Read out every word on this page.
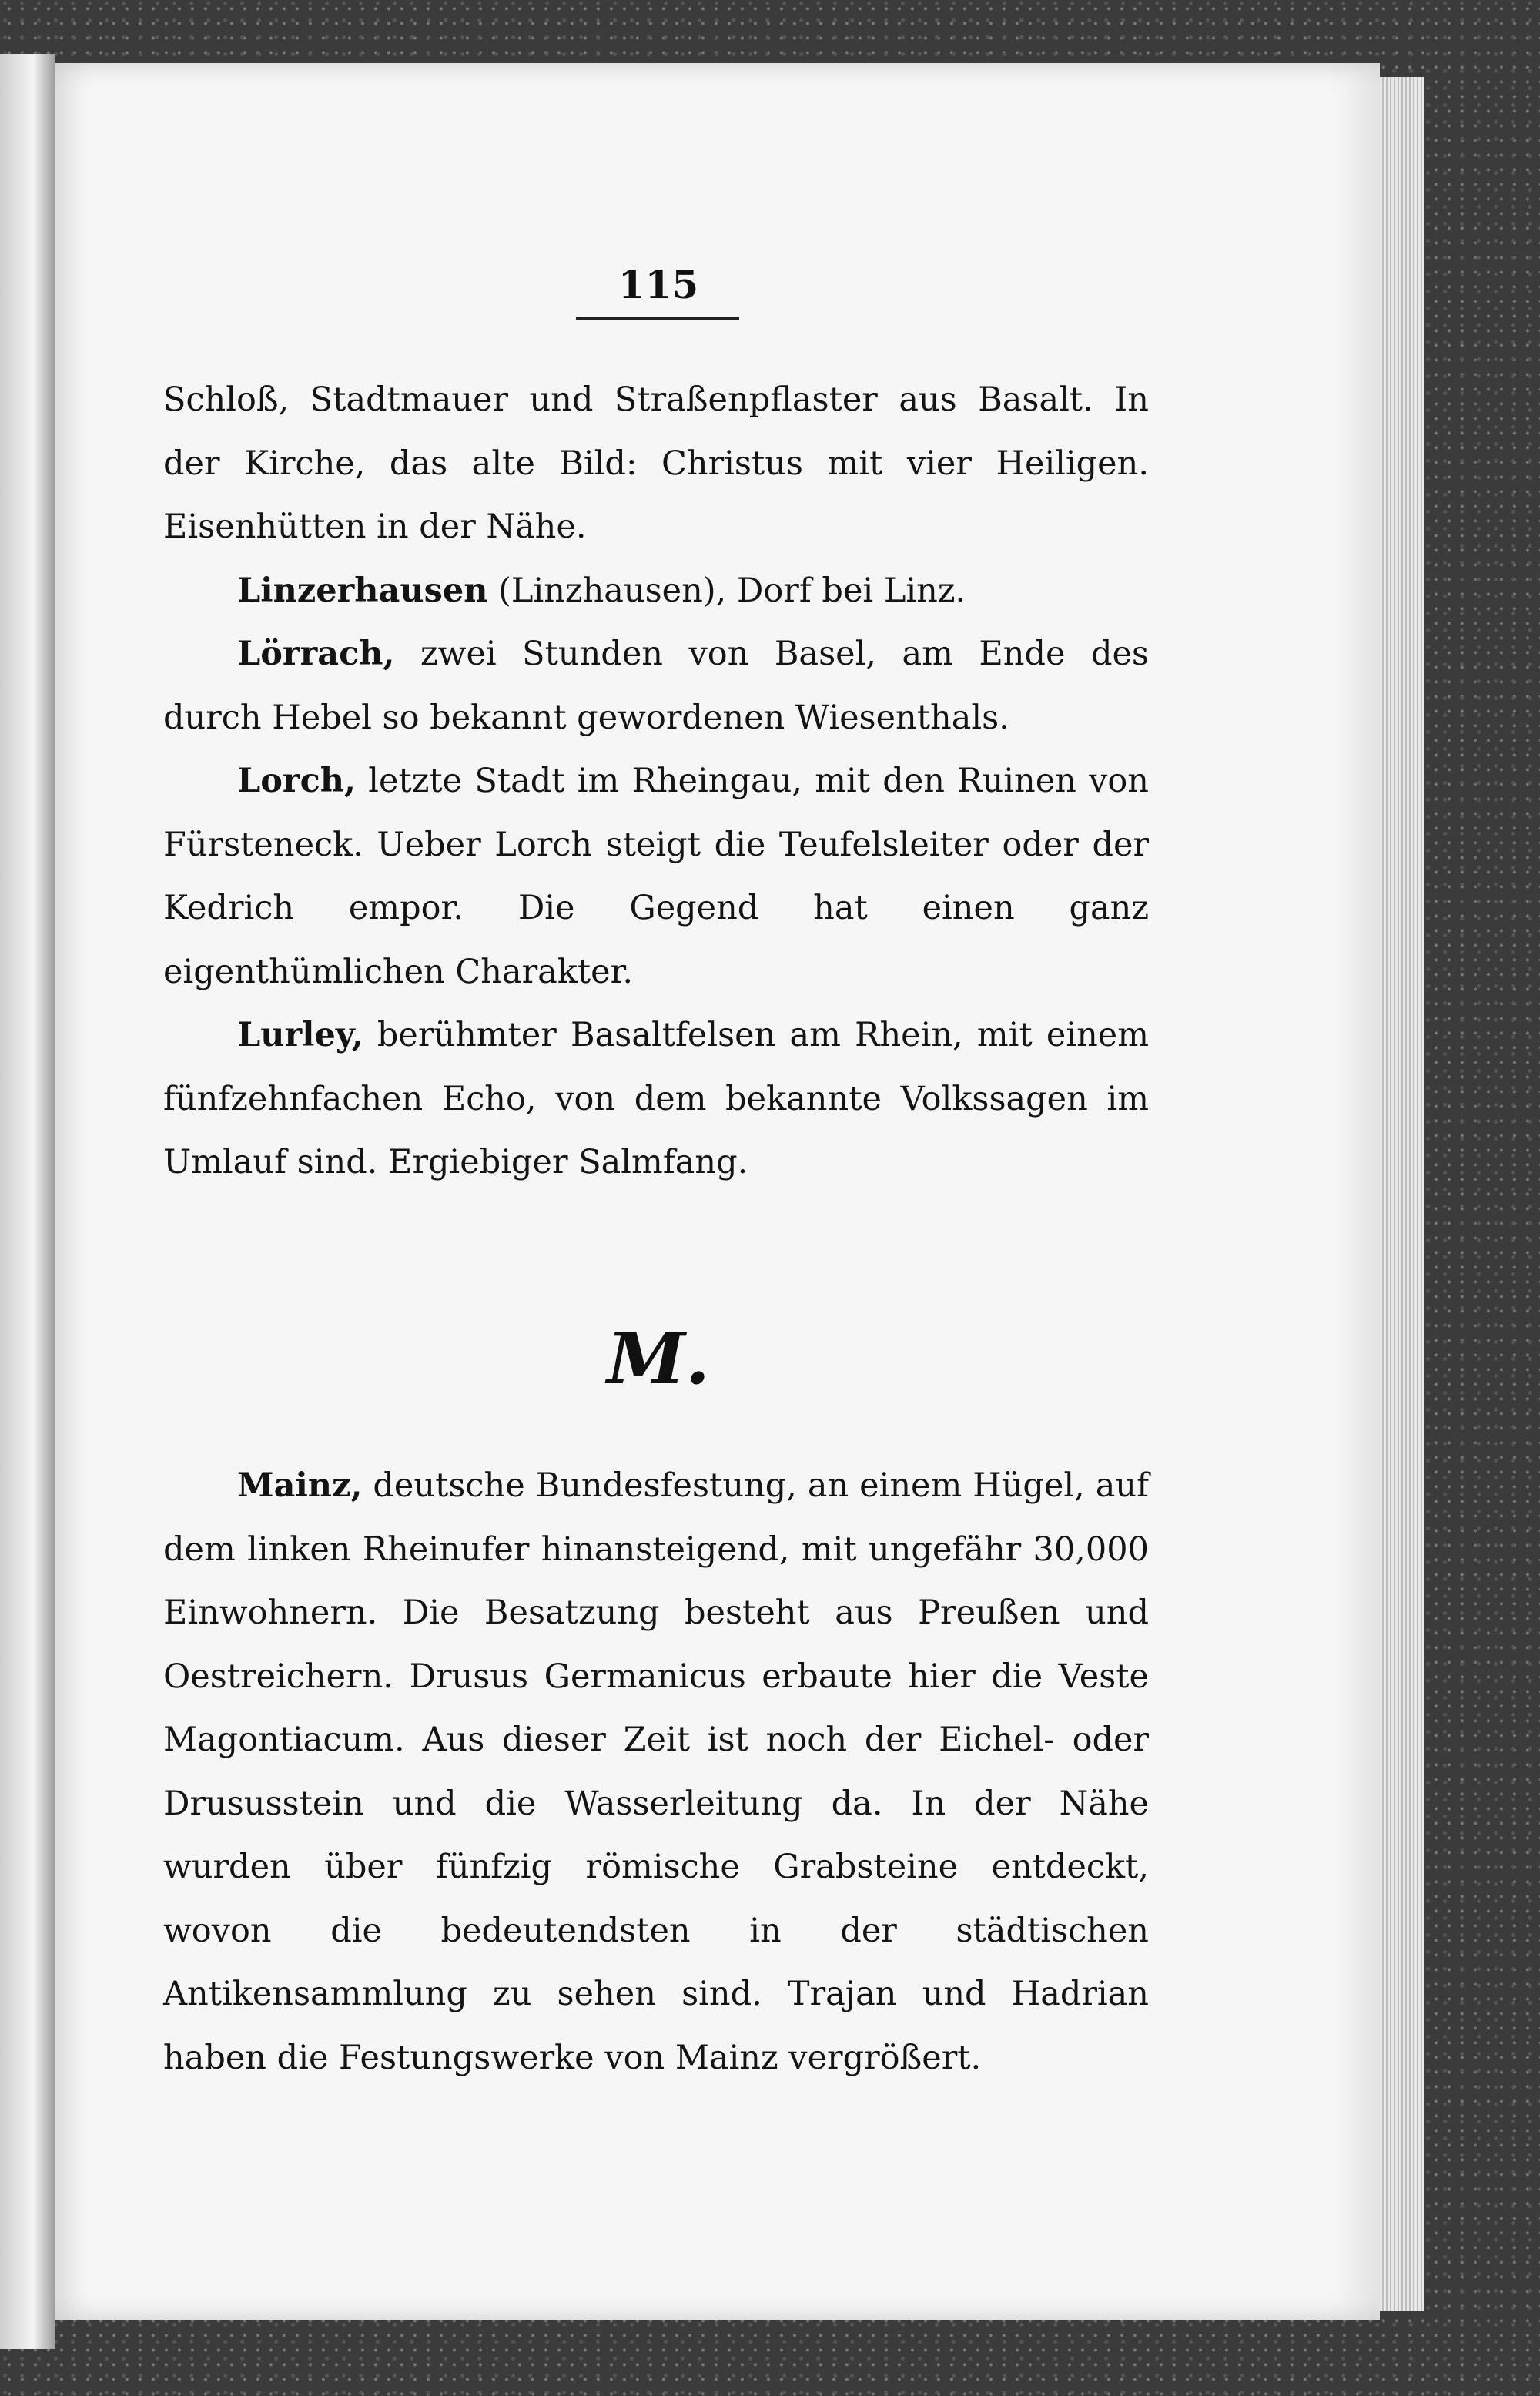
115

Schloß, Stadtmauer und Straßenpflaster aus Basalt. In der Kirche, das alte Bild: Christus mit vier Heiligen. Eisenhütten in der Nähe.

Linzerhausen (Linzhausen), Dorf bei Linz.

Lörrach, zwei Stunden von Basel, am Ende des durch Hebel so bekannt gewordenen Wiesenthals.

Lorch, letzte Stadt im Rheingau, mit den Ruinen von Fürsteneck. Ueber Lorch steigt die Teufelsleiter oder der Kedrich empor. Die Gegend hat einen ganz eigenthümlichen Charakter.

Lurley, berühmter Basaltfelsen am Rhein, mit einem fünfzehnfachen Echo, von dem bekannte Volkssagen im Umlauf sind. Ergiebiger Salmfang.

M.

Mainz, deutsche Bundesfestung, an einem Hügel, auf dem linken Rheinufer hinansteigend, mit ungefähr 30,000 Einwohnern. Die Besatzung besteht aus Preußen und Oestreichern. Drusus Germanicus erbaute hier die Veste Magontiacum. Aus dieser Zeit ist noch der Eichel- oder Drususstein und die Wasserleitung da. In der Nähe wurden über fünfzig römische Grabsteine entdeckt, wovon die bedeutendsten in der städtischen Antikensammlung zu sehen sind. Trajan und Hadrian haben die Festungswerke von Mainz vergrößert.
